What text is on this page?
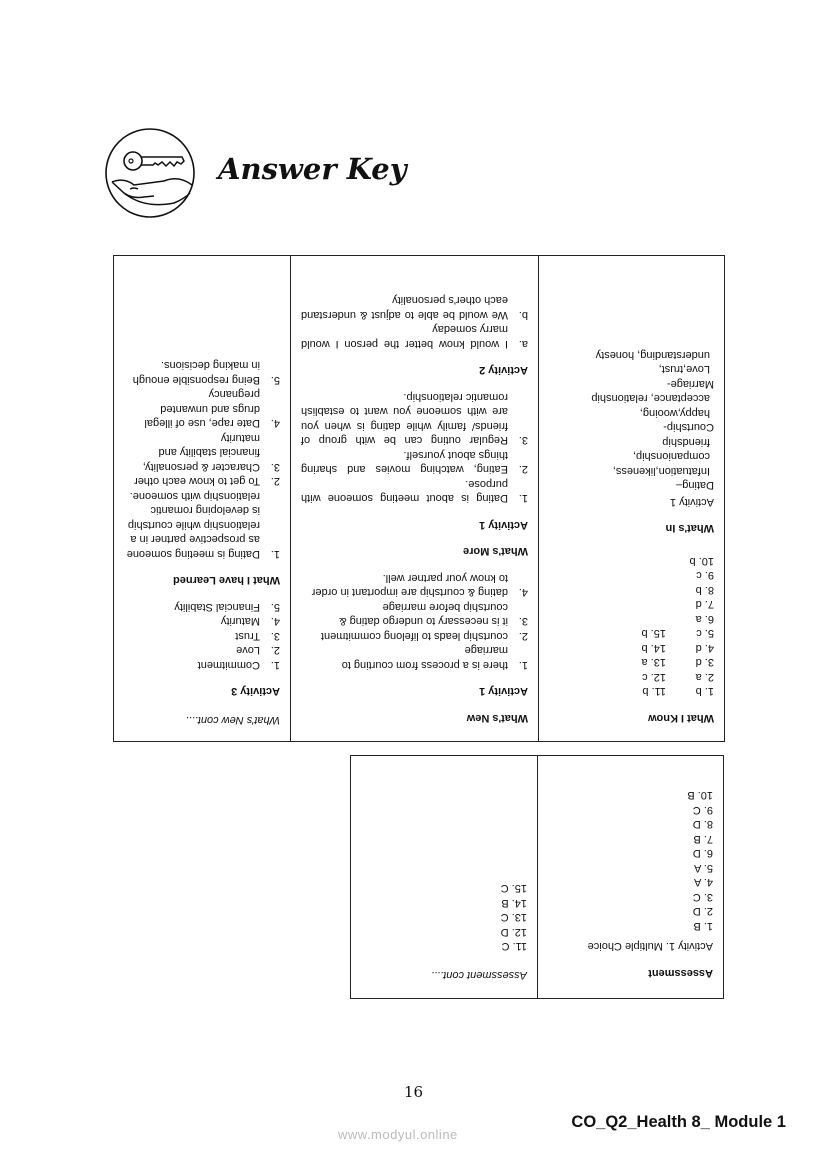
Answer Key
What's New cont....
Activity 3
1.
Commitment
2.
Love
3.
Trust
4.
Maturity
5.
Financial Stability
What I have Learned
1.
Dating is meeting someone as prospective partner in a relationship while courtship is developing romantic relationship with someone.
2.
To get to know each other
3.
Character & personality, financial stability and maturity
4.
Date rape, use of illegal drugs and unwanted pregnancy
5.
Being responsible enough in making decisions.
What's New
Activity 1
1.
there is a process from courting to marriage
2.
courtship leads to lifelong commitment
3.
it is necessary to undergo dating & courtship before marriage
4.
dating & courtship are important in order to know your partner well.
What's More
Activity 1
1.
Dating is about meeting someone with purpose.
2.
Eating, watching movies and sharing things about yourself.
3.
Regular outing can be with group of friends/ family while dating is when you are with someone you want to establish romantic relationship.
Activity 2
a.
I would know better the person I would marry someday
b.
We would be able to adjust & understand each other's personality
What I Know
1. b
2. a
3. d
4. d
5. c
6. a
7. d
8. b
9. c
10. b
11. b
12. c
13. a
14. b
15. b
What's In
Activity 1
Dating–
Infatuation,likeness,
companionship,
friendship
Courtship-
happy,wooing,
acceptance, relationship
Marriage-
Love,trust,
understanding, honesty
Assessment cont....
11. C
12. D
13. C
14. B
15. C
Assessment
Activity 1. Multiple Choice
1. B
2. D
3. C
4. A
5. A
6. D
7. B
8. D
9. C
10. B
16
CO_Q2_Health 8_ Module 1
www.modyul.online
